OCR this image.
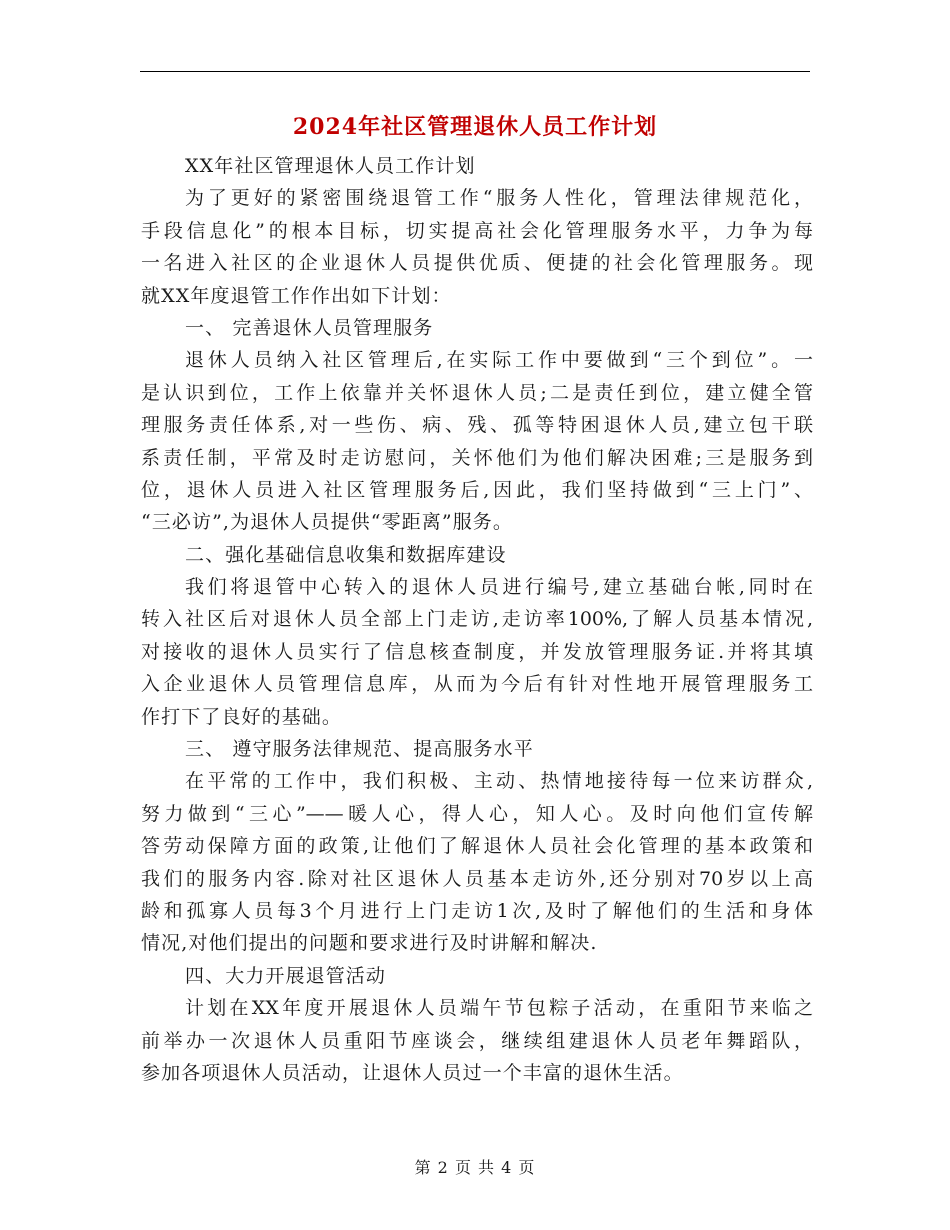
2024年社区管理退休人员工作计划
XX年社区管理退休人员工作计划
为了更好的紧密围绕退管工作“服务人性化，管理法律规范化，
手段信息化”的根本目标，切实提高社会化管理服务水平，力争为每
一名进入社区的企业退休人员提供优质、便捷的社会化管理服务。现
就XX年度退管工作作出如下计划：
一、 完善退休人员管理服务
退休人员纳入社区管理后,在实际工作中要做到“三个到位”。一
是认识到位，工作上依靠并关怀退休人员;二是责任到位，建立健全管
理服务责任体系,对一些伤、病、残、孤等特困退休人员,建立包干联
系责任制，平常及时走访慰问，关怀他们为他们解决困难;三是服务到
位，退休人员进入社区管理服务后,因此，我们坚持做到“三上门”、
“三必访”,为退休人员提供“零距离”服务。
二、强化基础信息收集和数据库建设
我们将退管中心转入的退休人员进行编号,建立基础台帐,同时在
转入社区后对退休人员全部上门走访,走访率100%,了解人员基本情况,
对接收的退休人员实行了信息核查制度，并发放管理服务证.并将其填
入企业退休人员管理信息库，从而为今后有针对性地开展管理服务工
作打下了良好的基础。
三、 遵守服务法律规范、提高服务水平
在平常的工作中，我们积极、主动、热情地接待每一位来访群众,
努力做到“三心”——暖人心，得人心，知人心。及时向他们宣传解
答劳动保障方面的政策,让他们了解退休人员社会化管理的基本政策和
我们的服务内容.除对社区退休人员基本走访外,还分别对70岁以上高
龄和孤寡人员每3个月进行上门走访1次,及时了解他们的生活和身体
情况,对他们提出的问题和要求进行及时讲解和解决.
四、大力开展退管活动
计划在XX年度开展退休人员端午节包粽子活动，在重阳节来临之
前举办一次退休人员重阳节座谈会，继续组建退休人员老年舞蹈队，
参加各项退休人员活动，让退休人员过一个丰富的退休生活。
第 2 页 共 4 页
